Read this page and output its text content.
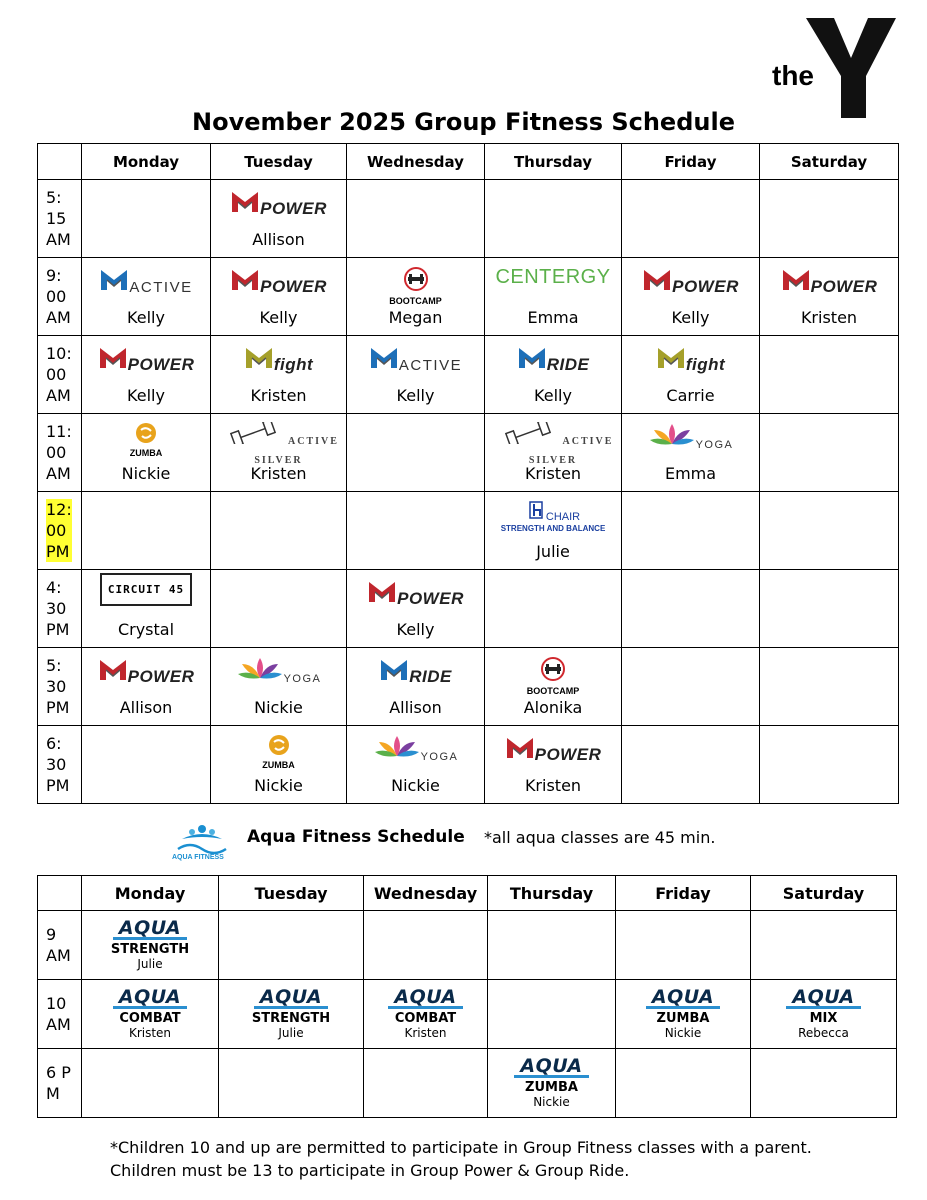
the
YMCA
November 2025 Group Fitness Schedule
	Monday	Tuesday	Wednesday	Thursday	Friday	Saturday
5: 15 AM		POWER
Allison				

9: 00 AM	ACTIVE
Kelly	POWER
Kelly	BOOTCAMP
Megan	CENTERGY
Emma	POWER
Kelly	POWER
Kristen

10: 00 AM	POWER
Kelly	fight
Kristen	ACTIVE
Kelly	RIDE
Kelly	fight
Carrie	

11: 00 AM	ZUMBA
Nickie	ACTIVE SILVER
Kristen		ACTIVE SILVER
Kristen	YOGA
Emma	

12: 00 PM				CHAIR
STRENGTH AND BALANCE
Julie		

4: 30 PM	CIRCUIT 45
Crystal		POWER
Kelly			

5: 30 PM	POWER
Allison	YOGA
Nickie	RIDE
Allison	BOOTCAMP
Alonika		

6: 30 PM		ZUMBA
Nickie	YOGA
Nickie	POWER
Kristen		

AQUA FITNESS
Aqua Fitness Schedule *all aqua classes are 45 min.
	Monday	Tuesday	Wednesday	Thursday	Friday	Saturday
9 AM	AQUA
STRENGTH
Julie					

10 AM	AQUA
COMBAT
Kristen	AQUA
STRENGTH
Julie	AQUA
COMBAT
Kristen		AQUA
ZUMBA
Nickie	AQUA
MIX
Rebecca

6 PM				AQUA
ZUMBA
Nickie		

*Children 10 and up are permitted to participate in Group Fitness classes with a parent. Children must be 13 to participate in Group Power & Group Ride.
